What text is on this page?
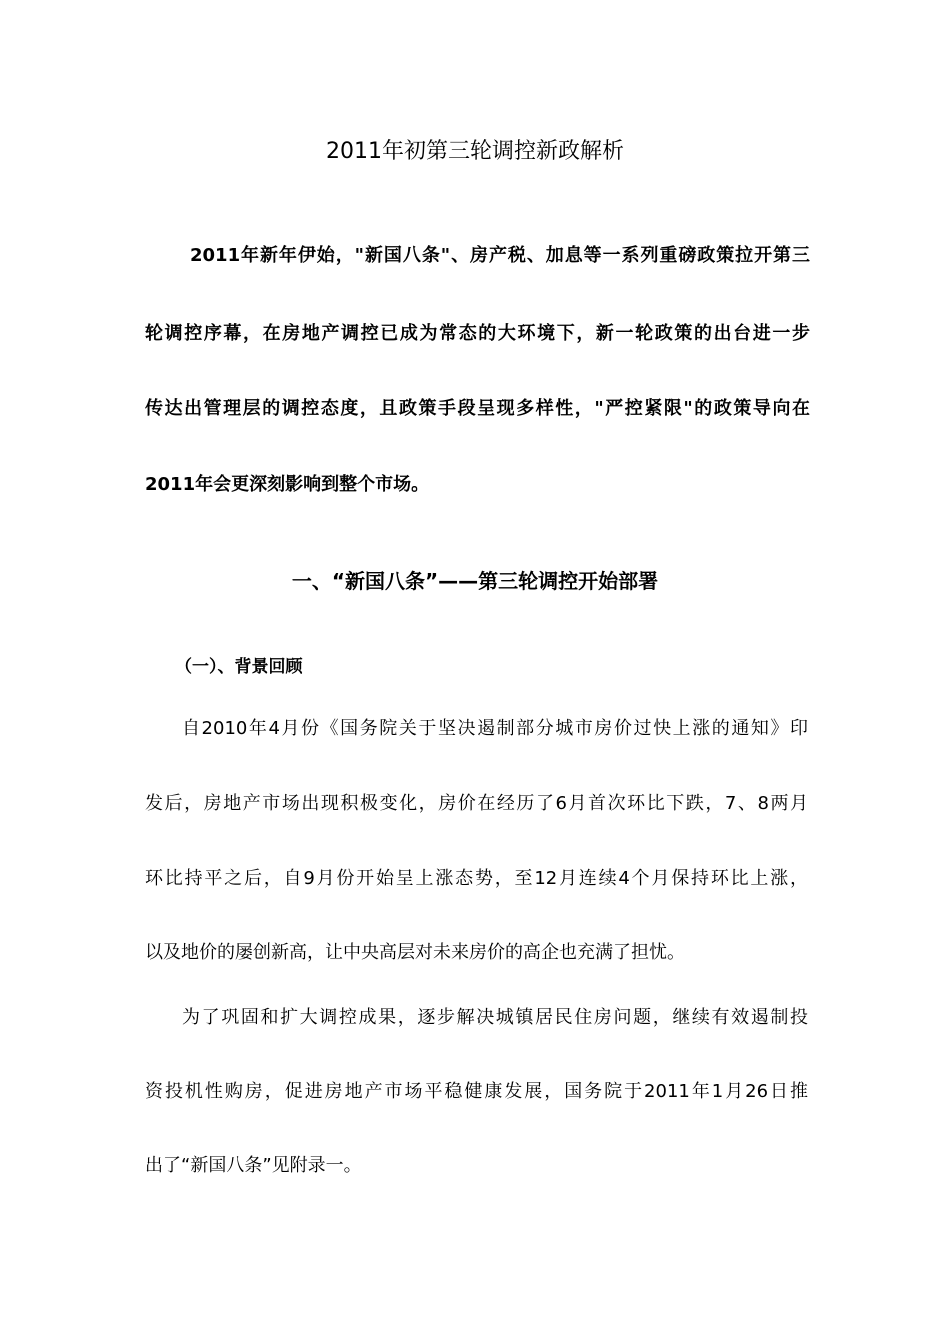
2011年初第三轮调控新政解析

2011年新年伊始，"新国八条"、房产税、加息等一系列重磅政策拉开第三

轮调控序幕，在房地产调控已成为常态的大环境下，新一轮政策的出台进一步

传达出管理层的调控态度，且政策手段呈现多样性，"严控紧限"的政策导向在

2011年会更深刻影响到整个市场。

一、“新国八条”——第三轮调控开始部署
（一）、背景回顾

自2010年4月份《国务院关于坚决遏制部分城市房价过快上涨的通知》印

发后，房地产市场出现积极变化，房价在经历了6月首次环比下跌，7、8两月

环比持平之后，自9月份开始呈上涨态势，至12月连续4个月保持环比上涨，

以及地价的屡创新高，让中央高层对未来房价的高企也充满了担忧。

为了巩固和扩大调控成果，逐步解决城镇居民住房问题，继续有效遏制投

资投机性购房，促进房地产市场平稳健康发展，国务院于2011年1月26日推

出了“新国八条”见附录一。
